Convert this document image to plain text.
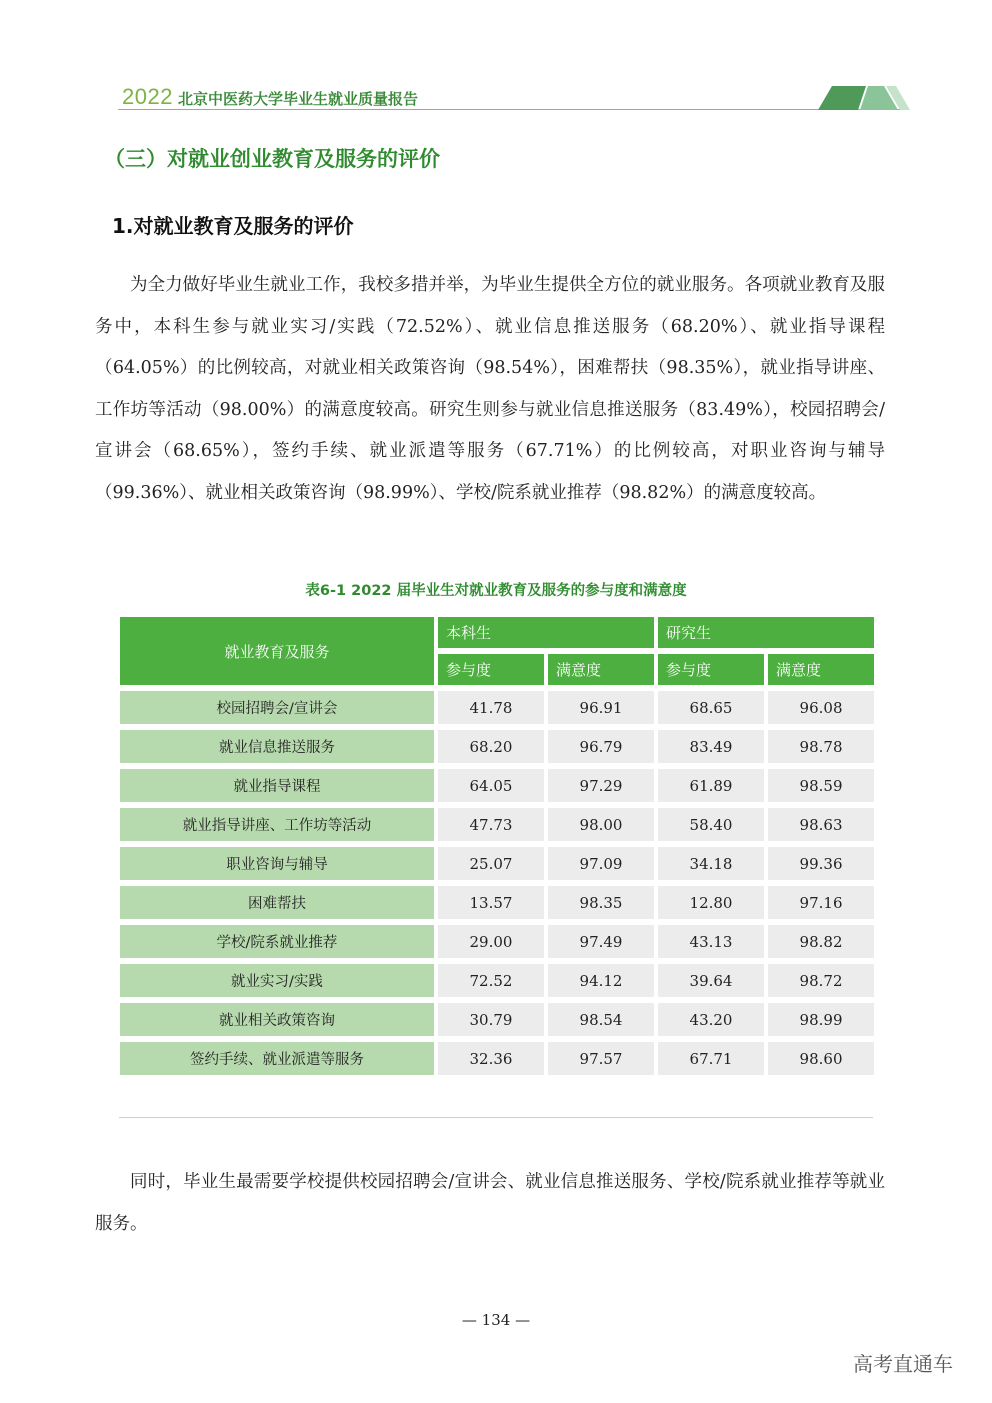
2022 北京中医药大学毕业生就业质量报告
（三）对就业创业教育及服务的评价
1.对就业教育及服务的评价

为全力做好毕业生就业工作，我校多措并举，为毕业生提供全方位的就业服务。各项就业教育及服务中，本科生参与就业实习/实践（72.52%）、就业信息推送服务（68.20%）、就业指导课程（64.05%）的比例较高，对就业相关政策咨询（98.54%），困难帮扶（98.35%），就业指导讲座、工作坊等活动（98.00%）的满意度较高。研究生则参与就业信息推送服务（83.49%），校园招聘会/宣讲会（68.65%），签约手续、就业派遣等服务（67.71%）的比例较高，对职业咨询与辅导（99.36%）、就业相关政策咨询（98.99%）、学校/院系就业推荐（98.82%）的满意度较高。

表6-1 2022 届毕业生对就业教育及服务的参与度和满意度
就业教育及服务	本科生		研究生	
	参与度	满意度	参与度	满意度
校园招聘会/宣讲会	41.78	96.91	68.65	96.08
就业信息推送服务	68.20	96.79	83.49	98.78
就业指导课程	64.05	97.29	61.89	98.59
就业指导讲座、工作坊等活动	47.73	98.00	58.40	98.63
职业咨询与辅导	25.07	97.09	34.18	99.36
困难帮扶	13.57	98.35	12.80	97.16
学校/院系就业推荐	29.00	97.49	43.13	98.82
就业实习/实践	72.52	94.12	39.64	98.72
就业相关政策咨询	30.79	98.54	43.20	98.99
签约手续、就业派遣等服务	32.36	97.57	67.71	98.60

同时，毕业生最需要学校提供校园招聘会/宣讲会、就业信息推送服务、学校/院系就业推荐等就业服务。

— 134 —
高考直通车
